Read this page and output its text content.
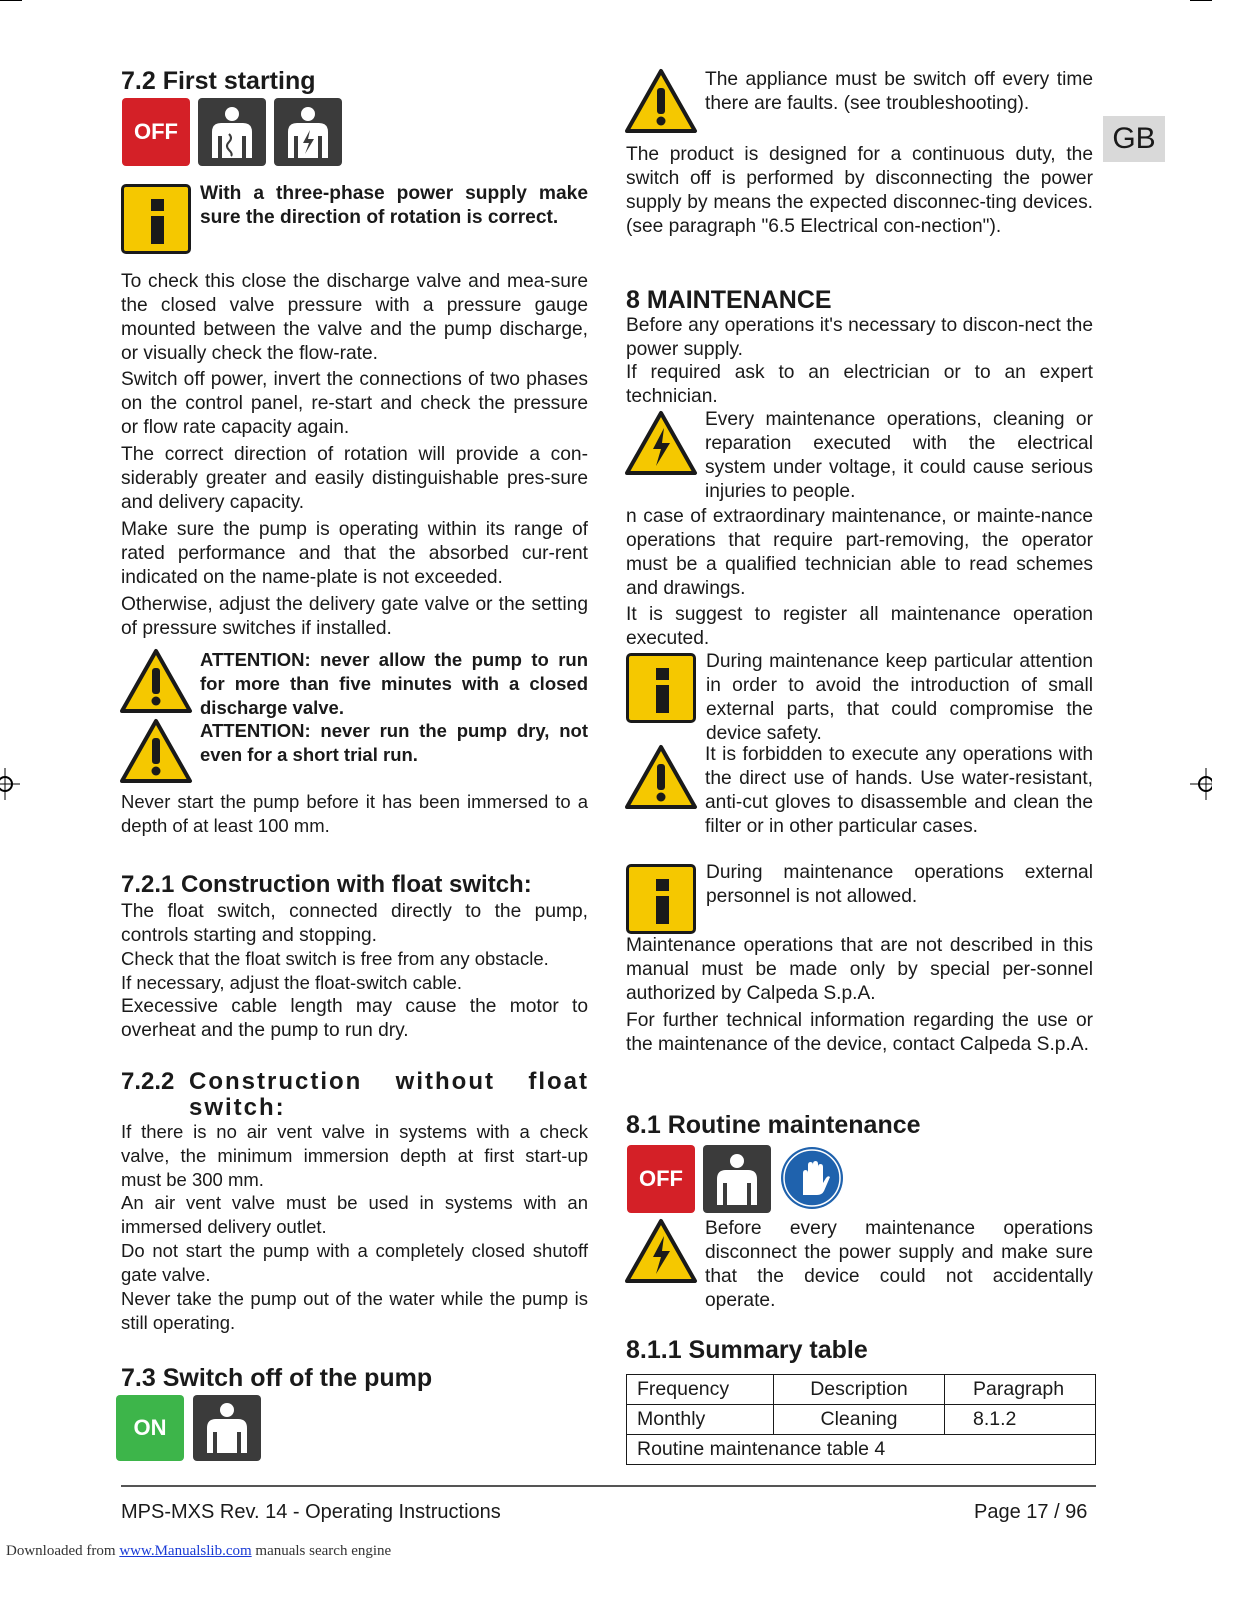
GB
7.2 First starting
OFF

With a three-phase power supply make sure the direction of rotation is correct.

To check this close the discharge valve and mea-sure the closed valve pressure with a pressure gauge mounted between the valve and the pump discharge, or visually check the flow-rate.

Switch off power, invert the connections of two phases on the control panel, re-start and check the pressure or flow rate capacity again.

The correct direction of rotation will provide a con-siderably greater and easily distinguishable pres-sure and delivery capacity.

Make sure the pump is operating within its range of rated performance and that the absorbed cur-rent indicated on the name-plate is not exceeded.

Otherwise, adjust the delivery gate valve or the setting of pressure switches if installed.

ATTENTION: never allow the pump to run for more than five minutes with a closed discharge valve.

ATTENTION: never run the pump dry, not even for a short trial run.

Never start the pump before it has been immersed to a depth of at least 100 mm.

7.2.1 Construction with float switch:

The float switch, connected directly to the pump, controls starting and stopping.

Check that the float switch is free from any obstacle.

If necessary, adjust the float-switch cable.

Execessive cable length may cause the motor to overheat and the pump to run dry.

7.2.2 Construction without float switch:

If there is no air vent valve in systems with a check valve, the minimum immersion depth at first start-up must be 300 mm.

An air vent valve must be used in systems with an immersed delivery outlet.

Do not start the pump with a completely closed shutoff gate valve.

Never take the pump out of the water while the pump is still operating.

7.3 Switch off of the pump
ON

The appliance must be switch off every time there are faults. (see troubleshooting).

The product is designed for a continuous duty, the switch off is performed by disconnecting the power supply by means the expected disconnec-ting devices. (see paragraph "6.5 Electrical con-nection").

8 MAINTENANCE

Before any operations it's necessary to discon-nect the power supply.

If required ask to an electrician or to an expert technician.

Every maintenance operations, cleaning or reparation executed with the electrical system under voltage, it could cause serious injuries to people.

n case of extraordinary maintenance, or mainte-nance operations that require part-removing, the operator must be a qualified technician able to read schemes and drawings.

It is suggest to register all maintenance operation executed.

During maintenance keep particular attention in order to avoid the introduction of small external parts, that could compromise the device safety.

It is forbidden to execute any operations with the direct use of hands. Use water-resistant, anti-cut gloves to disassemble and clean the filter or in other particular cases.

During maintenance operations external personnel is not allowed.

Maintenance operations that are not described in this manual must be made only by special per-sonnel authorized by Calpeda S.p.A.

For further technical information regarding the use or the maintenance of the device, contact Calpeda S.p.A.

8.1 Routine maintenance
OFF

Before every maintenance operations disconnect the power supply and make sure that the device could not accidentally operate.

8.1.1 Summary table
Frequency	Description	Paragraph
Monthly	Cleaning	8.1.2
Routine maintenance table 4		
MPS-MXS Rev. 14 - Operating Instructions	Page 17 / 96
Downloaded from www.Manualslib.com manuals search engine
